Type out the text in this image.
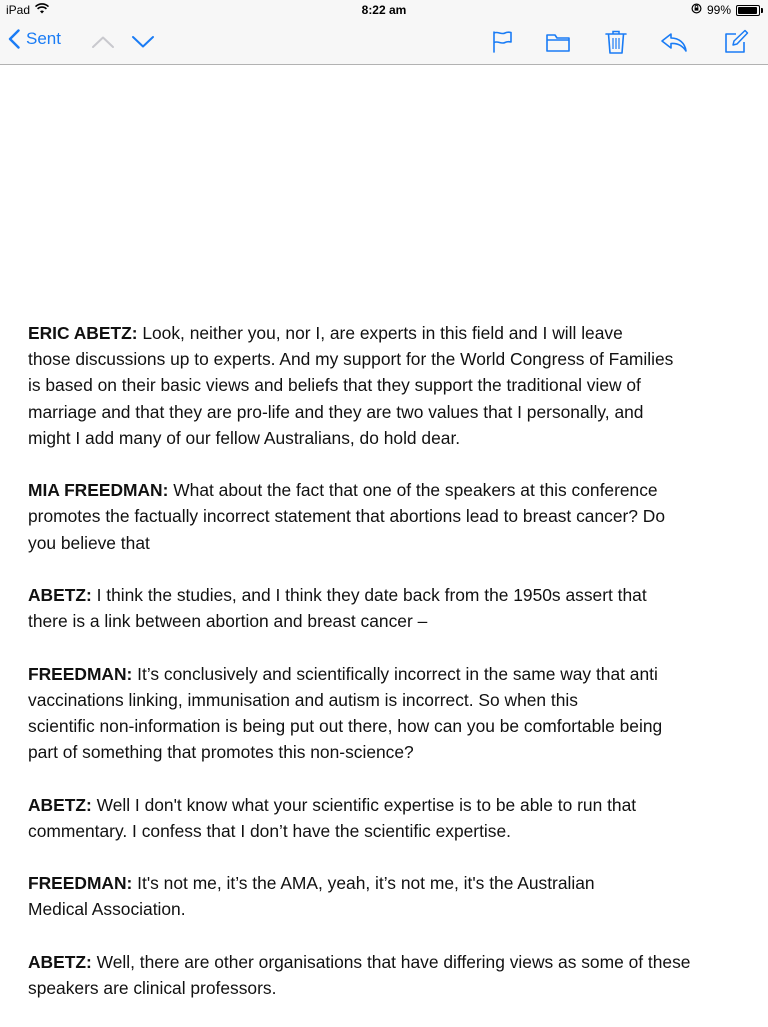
iPad	8:22 am	99%
Sent

ERIC ABETZ: Look, neither you, nor I, are experts in this field and I will leave
those discussions up to experts. And my support for the World Congress of Families
is based on their basic views and beliefs that they support the traditional view of
marriage and that they are pro-life and they are two values that I personally, and
might I add many of our fellow Australians, do hold dear.

MIA FREEDMAN: What about the fact that one of the speakers at this conference
promotes the factually incorrect statement that abortions lead to breast cancer? Do
you believe that

ABETZ: I think the studies, and I think they date back from the 1950s assert that
there is a link between abortion and breast cancer –

FREEDMAN: It’s conclusively and scientifically incorrect in the same way that anti
vaccinations linking, immunisation and autism is incorrect. So when this
scientific non-information is being put out there, how can you be comfortable being
part of something that promotes this non-science?

ABETZ: Well I don't know what your scientific expertise is to be able to run that
commentary. I confess that I don’t have the scientific expertise.

FREEDMAN: It's not me, it’s the AMA, yeah, it’s not me, it's the Australian
Medical Association.

ABETZ: Well, there are other organisations that have differing views as some of these
speakers are clinical professors.
